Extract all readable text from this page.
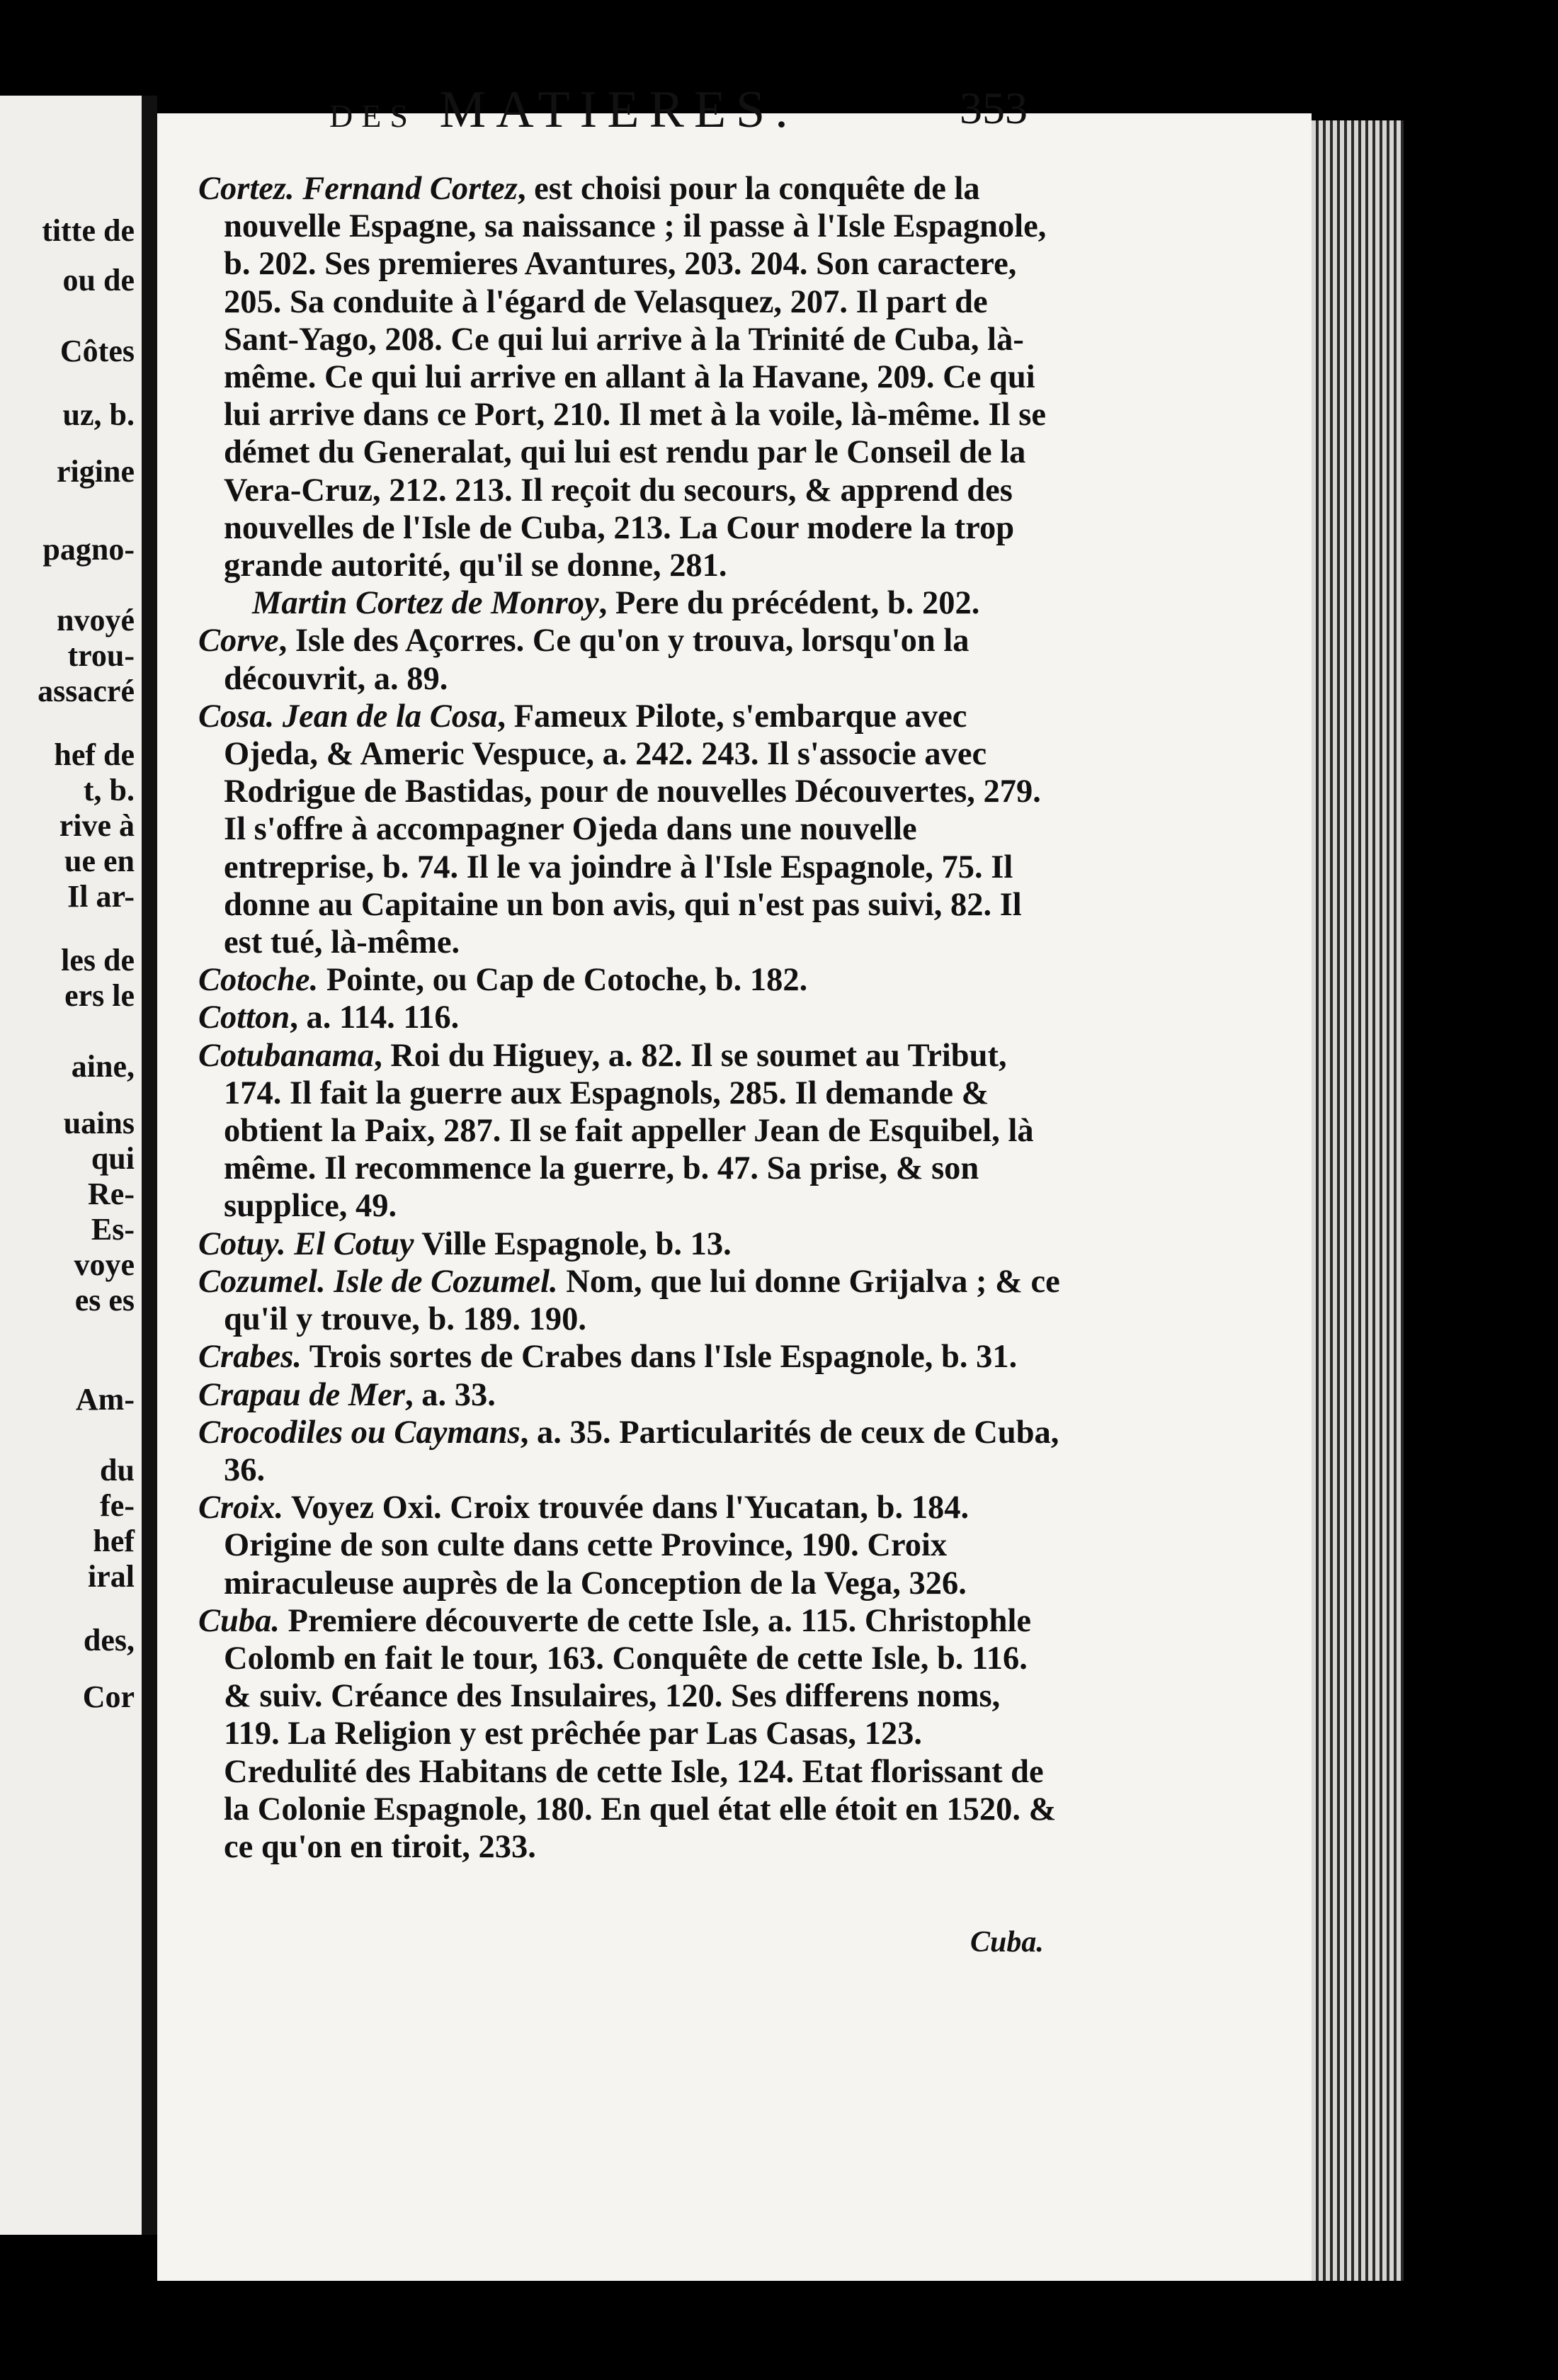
titte de
ou de
Côtes
uz, b.
rigine
pagno-
nvoyé
trou-
assacré
hef de
t, b.
rive à
ue en
Il ar-
les de
ers le
aine,
uains
qui
Re-
Es-
voye
es es
Am-
du
fe-
hef
iral
des,
Cor
DES MATIERES.	353
Cortez. Fernand Cortez, est choisi pour la conquête de la nouvelle Espagne, sa naissance ; il passe à l'Isle Espagnole, b. 202. Ses premieres Avantures, 203. 204. Son caractere, 205. Sa conduite à l'égard de Velasquez, 207. Il part de Sant-Yago, 208. Ce qui lui arrive à la Trinité de Cuba, là-même. Ce qui lui arrive en allant à la Havane, 209. Ce qui lui arrive dans ce Port, 210. Il met à la voile, là-même. Il se démet du Generalat, qui lui est rendu par le Conseil de la Vera-Cruz, 212. 213. Il reçoit du secours, & apprend des nouvelles de l'Isle de Cuba, 213. La Cour modere la trop grande autorité, qu'il se donne, 281.
Martin Cortez de Monroy, Pere du précédent, b. 202.
Corve, Isle des Açorres. Ce qu'on y trouva, lorsqu'on la découvrit, a. 89.
Cosa. Jean de la Cosa, Fameux Pilote, s'embarque avec Ojeda, & Americ Vespuce, a. 242. 243. Il s'associe avec Rodrigue de Bastidas, pour de nouvelles Découvertes, 279. Il s'offre à accompagner Ojeda dans une nouvelle entreprise, b. 74. Il le va joindre à l'Isle Espagnole, 75. Il donne au Capitaine un bon avis, qui n'est pas suivi, 82. Il est tué, là-même.
Cotoche. Pointe, ou Cap de Cotoche, b. 182.
Cotton, a. 114. 116.
Cotubanama, Roi du Higuey, a. 82. Il se soumet au Tribut, 174. Il fait la guerre aux Espagnols, 285. Il demande & obtient la Paix, 287. Il se fait appeller Jean de Esquibel, là même. Il recommence la guerre, b. 47. Sa prise, & son supplice, 49.
Cotuy. El Cotuy Ville Espagnole, b. 13.
Cozumel. Isle de Cozumel. Nom, que lui donne Grijalva ; & ce qu'il y trouve, b. 189. 190.
Crabes. Trois sortes de Crabes dans l'Isle Espagnole, b. 31.
Crapau de Mer, a. 33.
Crocodiles ou Caymans, a. 35. Particularités de ceux de Cuba, 36.
Croix. Voyez Oxi. Croix trouvée dans l'Yucatan, b. 184. Origine de son culte dans cette Province, 190. Croix miraculeuse auprès de la Conception de la Vega, 326.
Cuba. Premiere découverte de cette Isle, a. 115. Christophle Colomb en fait le tour, 163. Conquête de cette Isle, b. 116. & suiv. Créance des Insulaires, 120. Ses differens noms, 119. La Religion y est prêchée par Las Casas, 123. Credulité des Habitans de cette Isle, 124. Etat florissant de la Colonie Espagnole, 180. En quel état elle étoit en 1520. & ce qu'on en tiroit, 233.
Cuba.
